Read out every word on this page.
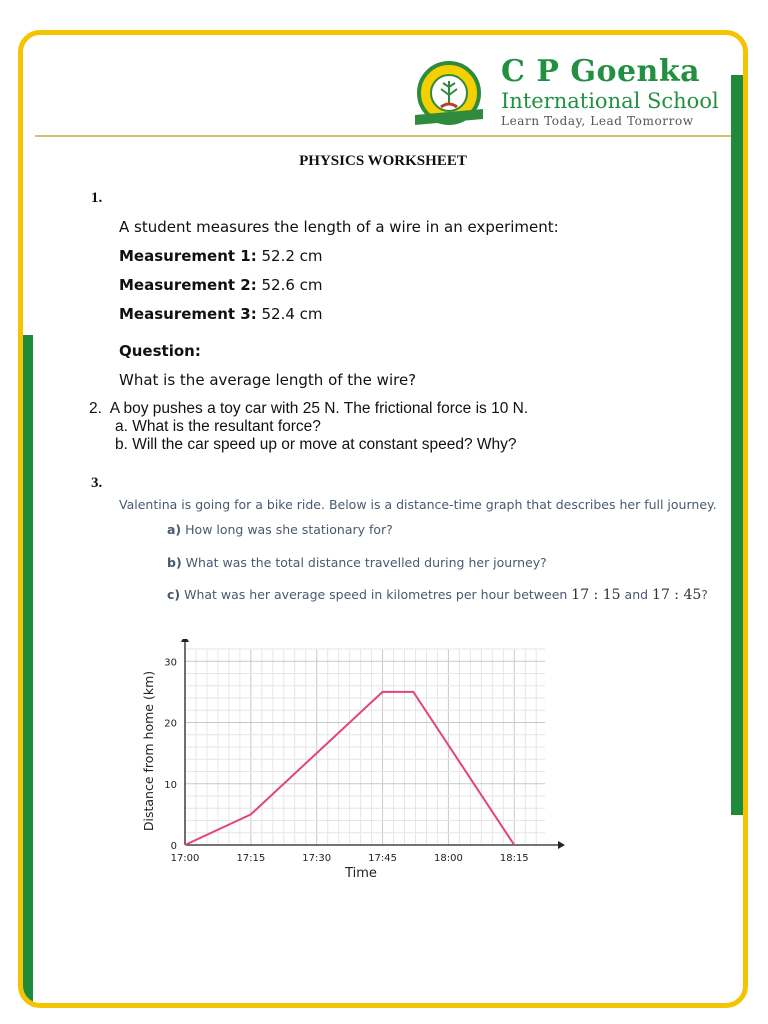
C P Goenka
International School
Learn Today, Lead Tomorrow
PHYSICS WORKSHEET
1.
A student measures the length of a wire in an experiment:
Measurement 1: 52.2 cm
Measurement 2: 52.6 cm
Measurement 3: 52.4 cm
Question:
What is the average length of the wire?
2. A boy pushes a toy car with 25 N. The frictional force is 10 N.
a. What is the resultant force?
b. Will the car speed up or move at constant speed? Why?
3.
Valentina is going for a bike ride. Below is a distance-time graph that describes her full journey.
a) How long was she stationary for?
b) What was the total distance travelled during her journey?
c) What was her average speed in kilometres per hour between 17 : 15 and 17 : 45?
17:00	17:15	17:30	17:45	18:00	18:15
0
10
20
30
Time
Distance from home (km)
